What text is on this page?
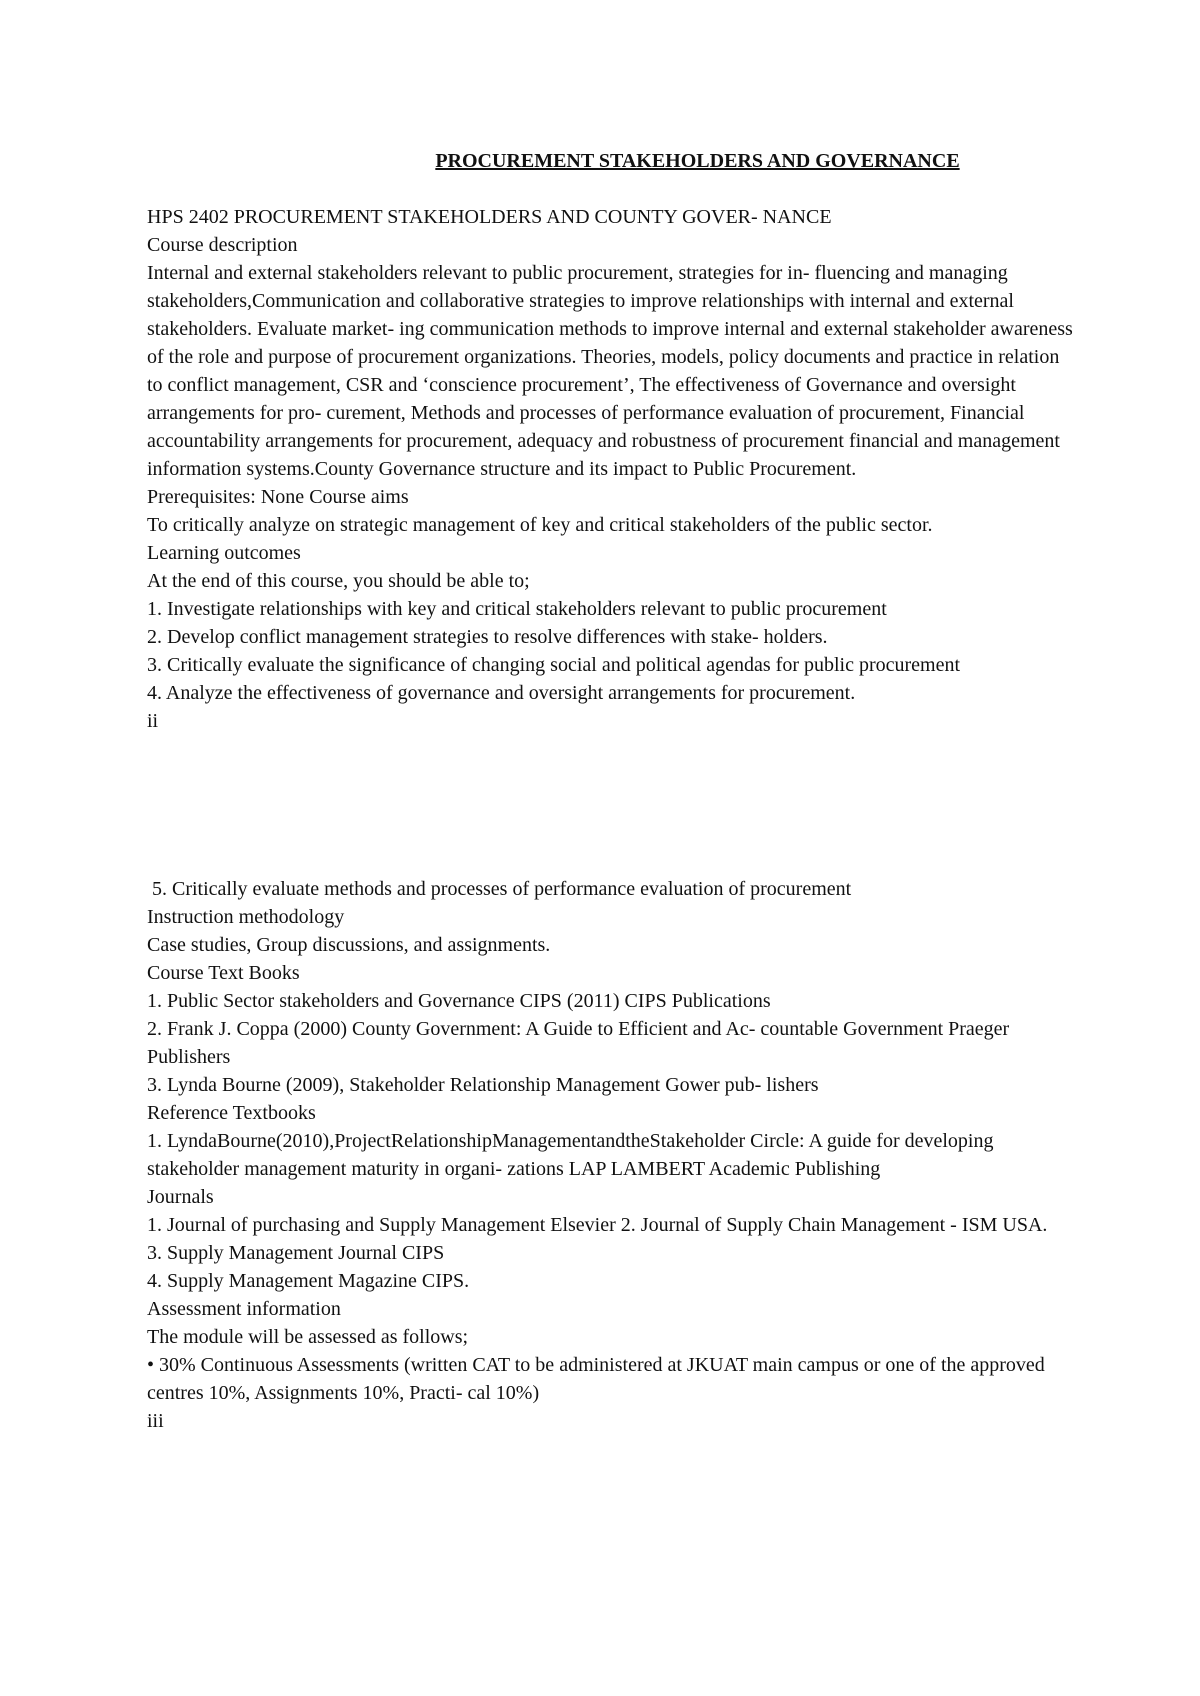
PROCUREMENT STAKEHOLDERS AND GOVERNANCE

HPS 2402 PROCUREMENT STAKEHOLDERS AND COUNTY GOVER- NANCE

Course description

Internal and external stakeholders relevant to public procurement, strategies for in- fluencing and managing stakeholders,Communication and collaborative strategies to improve relationships with internal and external stakeholders. Evaluate market- ing communication methods to improve internal and external stakeholder awareness of the role and purpose of procurement organizations. Theories, models, policy documents and practice in relation to conflict management, CSR and ‘conscience procurement’, The effectiveness of Governance and oversight arrangements for pro- curement, Methods and processes of performance evaluation of procurement, Financial accountability arrangements for procurement, adequacy and robustness of procurement financial and management information systems.County Governance structure and its impact to Public Procurement.

Prerequisites: None Course aims

To critically analyze on strategic management of key and critical stakeholders of the public sector.

Learning outcomes

At the end of this course, you should be able to;

1. Investigate relationships with key and critical stakeholders relevant to public procurement

2. Develop conflict management strategies to resolve differences with stake- holders.

3. Critically evaluate the significance of changing social and political agendas for public procurement

4. Analyze the effectiveness of governance and oversight arrangements for procurement.

ii

5. Critically evaluate methods and processes of performance evaluation of procurement

Instruction methodology

Case studies, Group discussions, and assignments.

Course Text Books

1. Public Sector stakeholders and Governance CIPS (2011) CIPS Publications

2. Frank J. Coppa (2000) County Government: A Guide to Efficient and Ac- countable Government Praeger Publishers

3. Lynda Bourne (2009), Stakeholder Relationship Management Gower pub- lishers

Reference Textbooks

1. LyndaBourne(2010),ProjectRelationshipManagementandtheStakeholder Circle: A guide for developing stakeholder management maturity in organi- zations LAP LAMBERT Academic Publishing

Journals

1. Journal of purchasing and Supply Management Elsevier 2. Journal of Supply Chain Management - ISM USA.

3. Supply Management Journal CIPS

4. Supply Management Magazine CIPS.

Assessment information

The module will be assessed as follows;

• 30% Continuous Assessments (written CAT to be administered at JKUAT main campus or one of the approved centres 10%, Assignments 10%, Practi- cal 10%)

iii
